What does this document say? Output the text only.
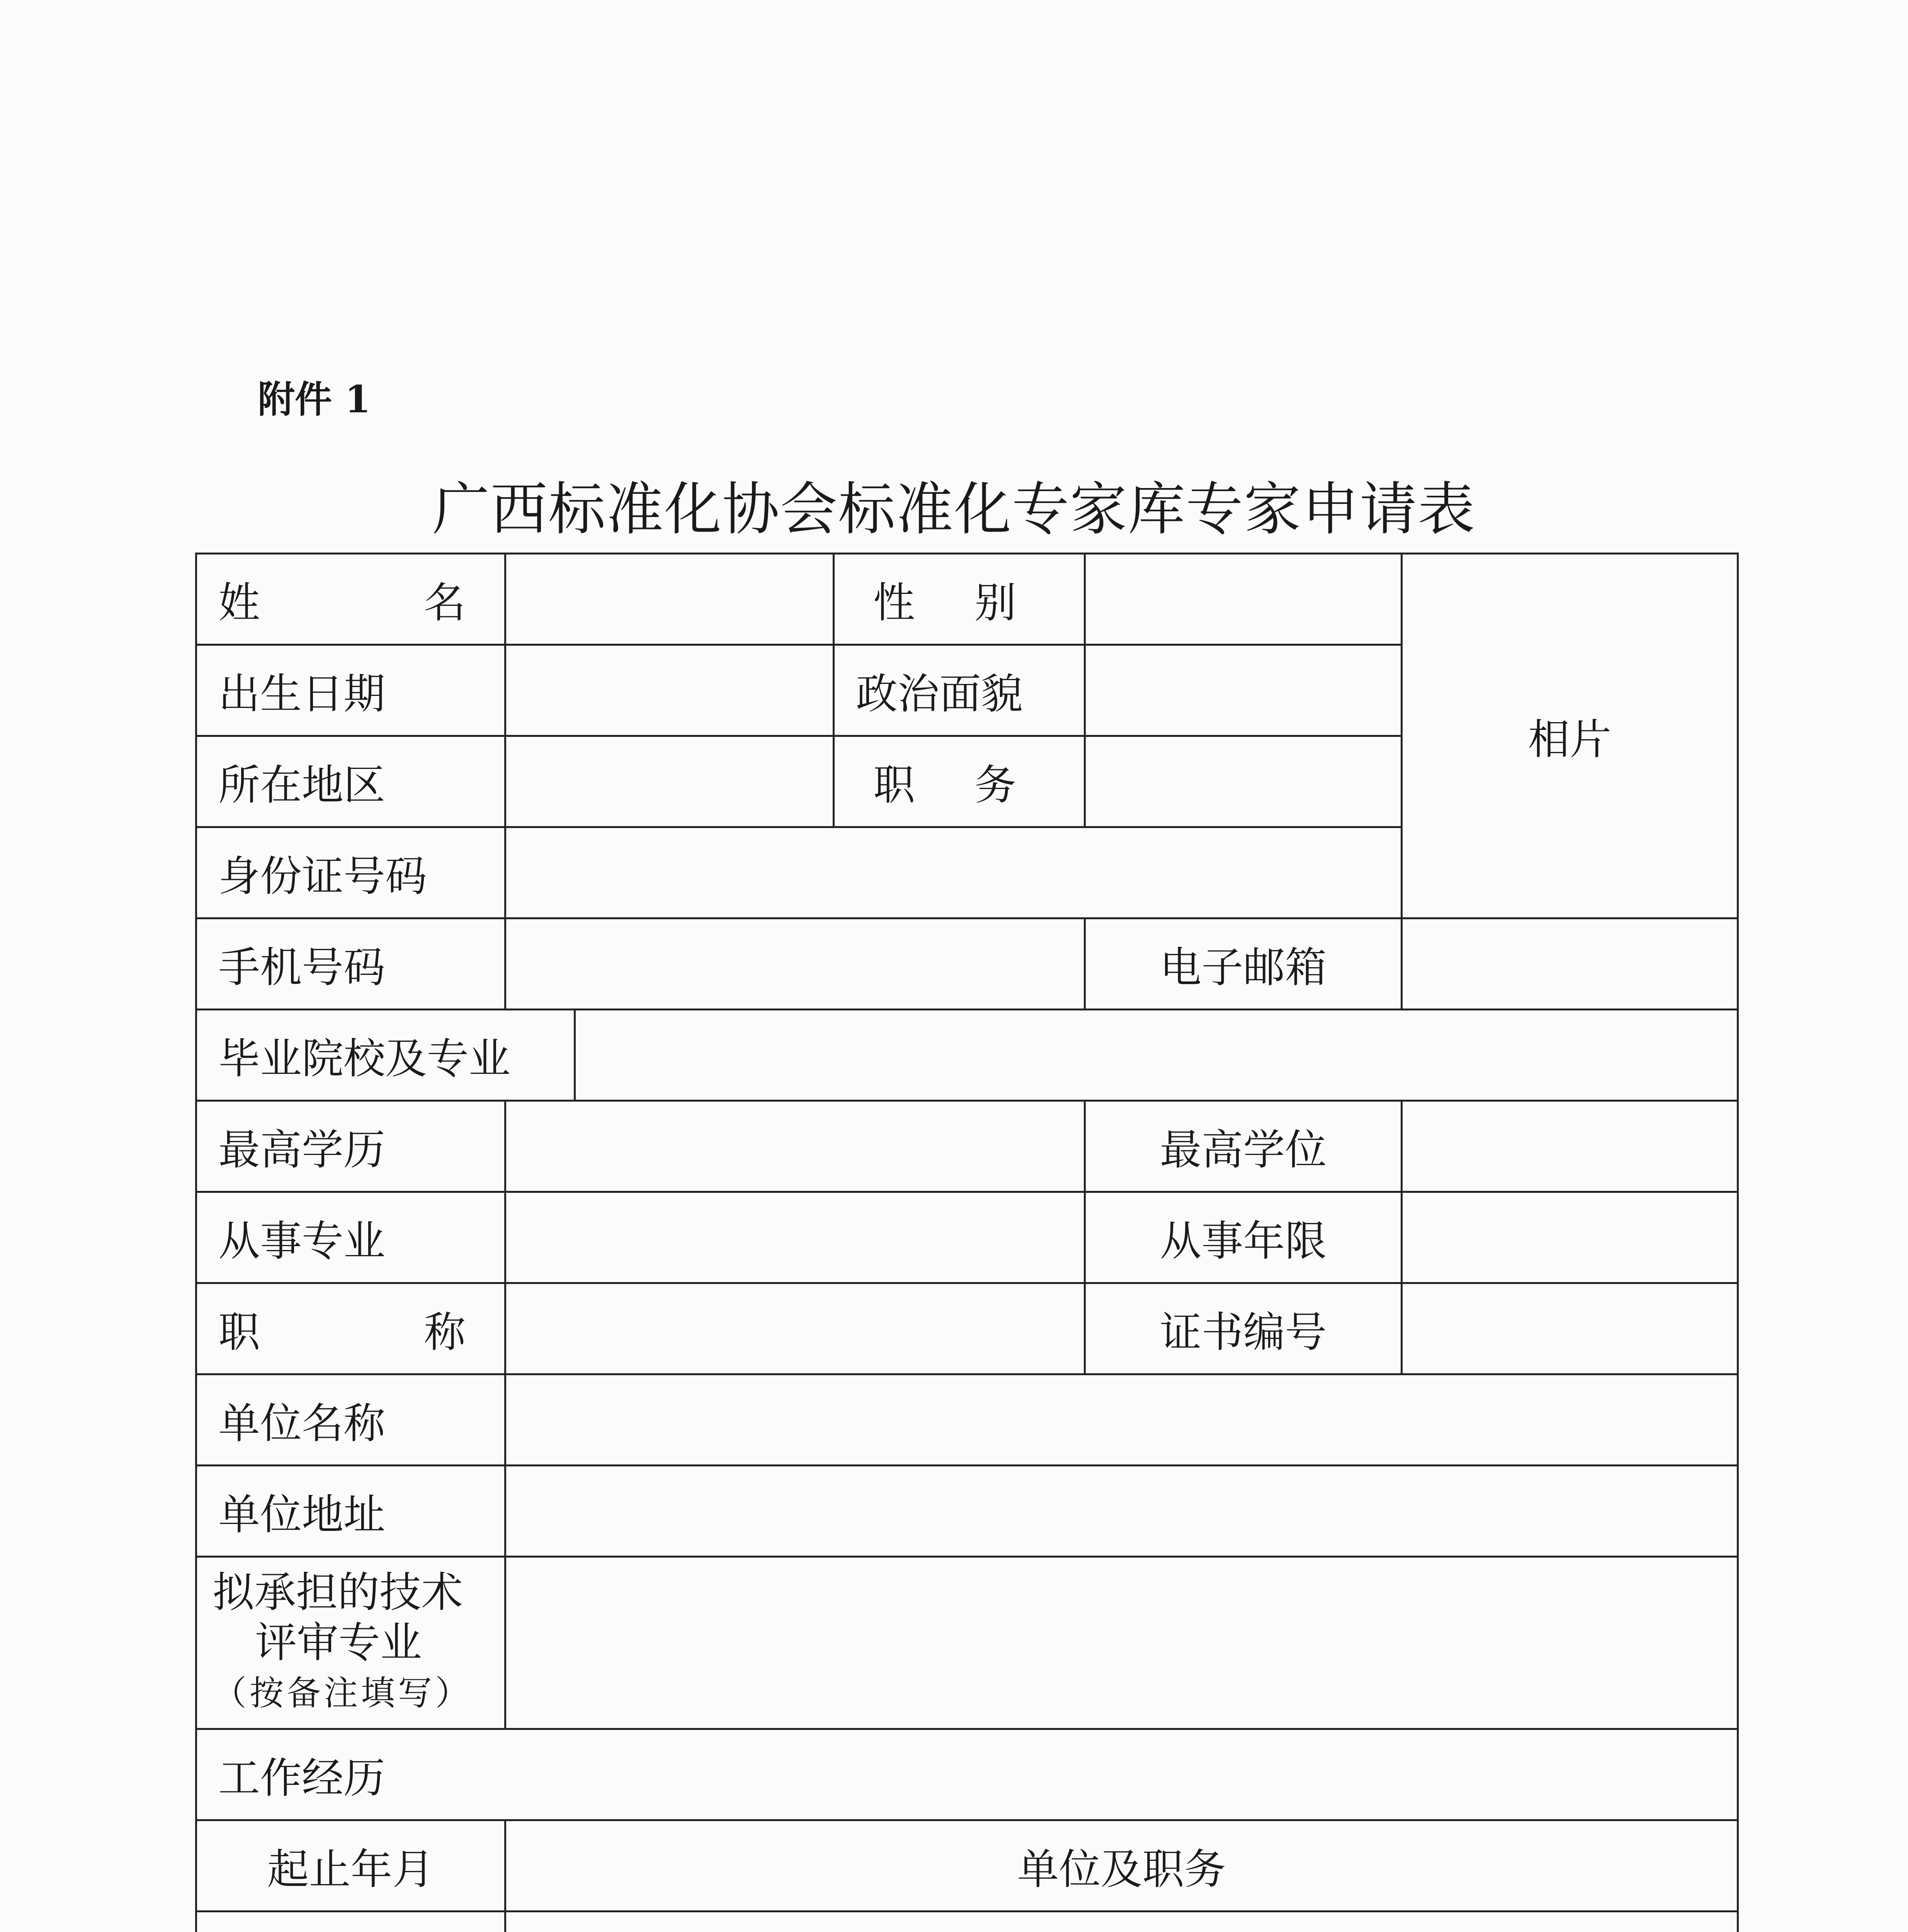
附件 1
广西标准化协会标准化专家库专家申请表
姓 名			性 别		相片
出生日期			政治面貌		
所在地区			职 务		

身份证号码					
手机号码				电子邮箱	
毕业院校及专业					
最高学历				最高学位	
从事专业				从事年限	

职 称				证书编号	
单位名称					
单位地址					

拟承担的技术
评审专业
（按备注填写）					

工作经历					
起止年月	单位及职务				
